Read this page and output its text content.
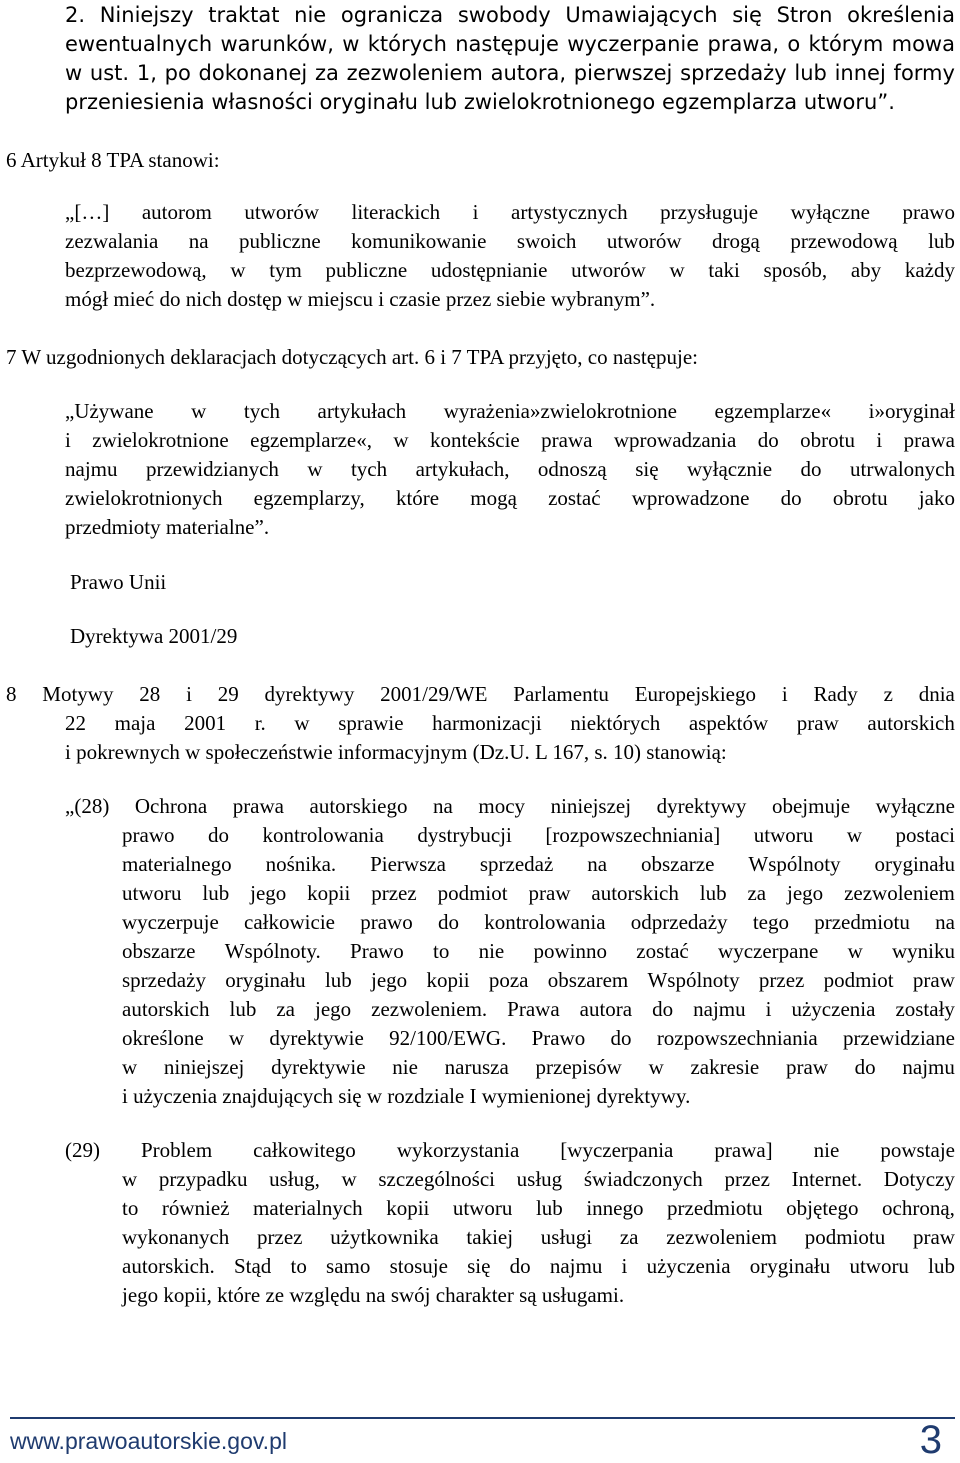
2. Niniejszy traktat nie ogranicza swobody Umawiających się Stron określenia
ewentualnych warunków, w których następuje wyczerpanie prawa, o którym mowa
w ust. 1, po dokonanej za zezwoleniem autora, pierwszej sprzedaży lub innej formy
przeniesienia własności oryginału lub zwielokrotnionego egzemplarza utworu”.
6 Artykuł 8 TPA stanowi:
„[…] autorom utworów literackich i artystycznych przysługuje wyłączne prawo
zezwalania na publiczne komunikowanie swoich utworów drogą przewodową lub
bezprzewodową, w tym publiczne udostępnianie utworów w taki sposób, aby każdy
mógł mieć do nich dostęp w miejscu i czasie przez siebie wybranym”.
7 W uzgodnionych deklaracjach dotyczących art. 6 i 7 TPA przyjęto, co następuje:
„Używane w tych artykułach wyrażenia»zwielokrotnione egzemplarze« i»oryginał
i zwielokrotnione egzemplarze«, w kontekście prawa wprowadzania do obrotu i prawa
najmu przewidzianych w tych artykułach, odnoszą się wyłącznie do utrwalonych
zwielokrotnionych egzemplarzy, które mogą zostać wprowadzone do obrotu jako
przedmioty materialne”.
Prawo Unii
Dyrektywa 2001/29
8 Motywy 28 i 29 dyrektywy 2001/29/WE Parlamentu Europejskiego i Rady z dnia
22 maja 2001 r. w sprawie harmonizacji niektórych aspektów praw autorskich
i pokrewnych w społeczeństwie informacyjnym (Dz.U. L 167, s. 10) stanowią:
„(28) Ochrona prawa autorskiego na mocy niniejszej dyrektywy obejmuje wyłączne
prawo do kontrolowania dystrybucji [rozpowszechniania] utworu w postaci
materialnego nośnika. Pierwsza sprzedaż na obszarze Wspólnoty oryginału
utworu lub jego kopii przez podmiot praw autorskich lub za jego zezwoleniem
wyczerpuje całkowicie prawo do kontrolowania odprzedaży tego przedmiotu na
obszarze Wspólnoty. Prawo to nie powinno zostać wyczerpane w wyniku
sprzedaży oryginału lub jego kopii poza obszarem Wspólnoty przez podmiot praw
autorskich lub za jego zezwoleniem. Prawa autora do najmu i użyczenia zostały
określone w dyrektywie 92/100/EWG. Prawo do rozpowszechniania przewidziane
w niniejszej dyrektywie nie narusza przepisów w zakresie praw do najmu
i użyczenia znajdujących się w rozdziale I wymienionej dyrektywy.
(29) Problem całkowitego wykorzystania [wyczerpania prawa] nie powstaje
w przypadku usług, w szczególności usług świadczonych przez Internet. Dotyczy
to również materialnych kopii utworu lub innego przedmiotu objętego ochroną,
wykonanych przez użytkownika takiej usługi za zezwoleniem podmiotu praw
autorskich. Stąd to samo stosuje się do najmu i użyczenia oryginału utworu lub
jego kopii, które ze względu na swój charakter są usługami.
www.prawoautorskie.gov.pl	3
